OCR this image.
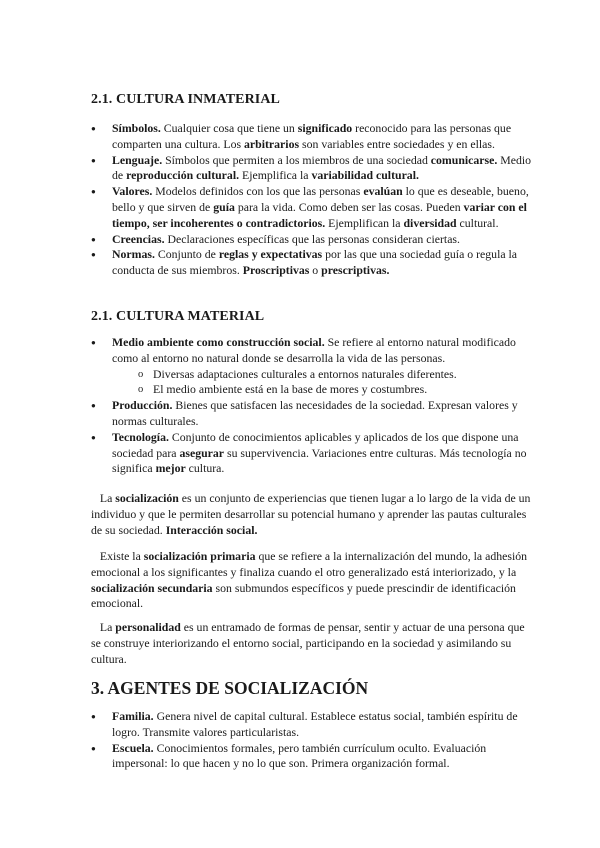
2.1. CULTURA INMATERIAL
● Símbolos. Cualquier cosa que tiene un significado reconocido para las personas que comparten una cultura. Los arbitrarios son variables entre sociedades y en ellas.
● Lenguaje. Símbolos que permiten a los miembros de una sociedad comunicarse. Medio de reproducción cultural. Ejemplifica la variabilidad cultural.
● Valores. Modelos definidos con los que las personas evalúan lo que es deseable, bueno, bello y que sirven de guía para la vida. Como deben ser las cosas. Pueden variar con el tiempo, ser incoherentes o contradictorios. Ejemplifican la diversidad cultural.
● Creencias. Declaraciones específicas que las personas consideran ciertas.
● Normas. Conjunto de reglas y expectativas por las que una sociedad guía o regula la conducta de sus miembros. Proscriptivas o prescriptivas.
2.1. CULTURA MATERIAL
● Medio ambiente como construcción social. Se refiere al entorno natural modificado como al entorno no natural donde se desarrolla la vida de las personas.
o Diversas adaptaciones culturales a entornos naturales diferentes.
o El medio ambiente está en la base de mores y costumbres.
● Producción. Bienes que satisfacen las necesidades de la sociedad. Expresan valores y normas culturales.
● Tecnología. Conjunto de conocimientos aplicables y aplicados de los que dispone una sociedad para asegurar su supervivencia. Variaciones entre culturas. Más tecnología no significa mejor cultura.

La socialización es un conjunto de experiencias que tienen lugar a lo largo de la vida de un individuo y que le permiten desarrollar su potencial humano y aprender las pautas culturales de su sociedad. Interacción social.

Existe la socialización primaria que se refiere a la internalización del mundo, la adhesión emocional a los significantes y finaliza cuando el otro generalizado está interiorizado, y la socialización secundaria son submundos específicos y puede prescindir de identificación emocional.

La personalidad es un entramado de formas de pensar, sentir y actuar de una persona que se construye interiorizando el entorno social, participando en la sociedad y asimilando su cultura.

3. AGENTES DE SOCIALIZACIÓN
● Familia. Genera nivel de capital cultural. Establece estatus social, también espíritu de logro. Transmite valores particularistas.
● Escuela. Conocimientos formales, pero también currículum oculto. Evaluación impersonal: lo que hacen y no lo que son. Primera organización formal.
